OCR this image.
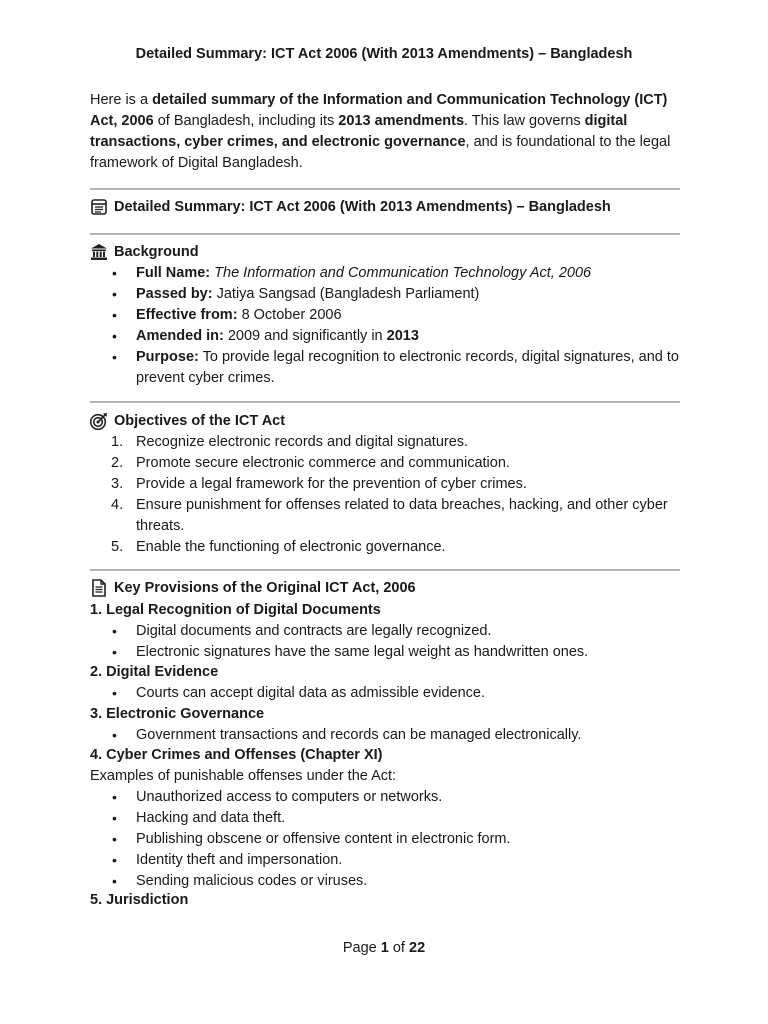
Detailed Summary: ICT Act 2006 (With 2013 Amendments) – Bangladesh

Here is a detailed summary of the Information and Communication Technology (ICT) Act, 2006 of Bangladesh, including its 2013 amendments. This law governs digital transactions, cyber crimes, and electronic governance, and is foundational to the legal framework of Digital Bangladesh.

Detailed Summary: ICT Act 2006 (With 2013 Amendments) – Bangladesh
Background
• Full Name: The Information and Communication Technology Act, 2006
• Passed by: Jatiya Sangsad (Bangladesh Parliament)
• Effective from: 8 October 2006
• Amended in: 2009 and significantly in 2013
• Purpose: To provide legal recognition to electronic records, digital signatures, and to prevent cyber crimes.
Objectives of the ICT Act
1. Recognize electronic records and digital signatures.
2. Promote secure electronic commerce and communication.
3. Provide a legal framework for the prevention of cyber crimes.
4. Ensure punishment for offenses related to data breaches, hacking, and other cyber threats.
5. Enable the functioning of electronic governance.
Key Provisions of the Original ICT Act, 2006
1. Legal Recognition of Digital Documents
• Digital documents and contracts are legally recognized.
• Electronic signatures have the same legal weight as handwritten ones.
2. Digital Evidence
• Courts can accept digital data as admissible evidence.
3. Electronic Governance
• Government transactions and records can be managed electronically.
4. Cyber Crimes and Offenses (Chapter XI)

Examples of punishable offenses under the Act:

• Unauthorized access to computers or networks.
• Hacking and data theft.
• Publishing obscene or offensive content in electronic form.
• Identity theft and impersonation.
• Sending malicious codes or viruses.
5. Jurisdiction
Page 1 of 22
